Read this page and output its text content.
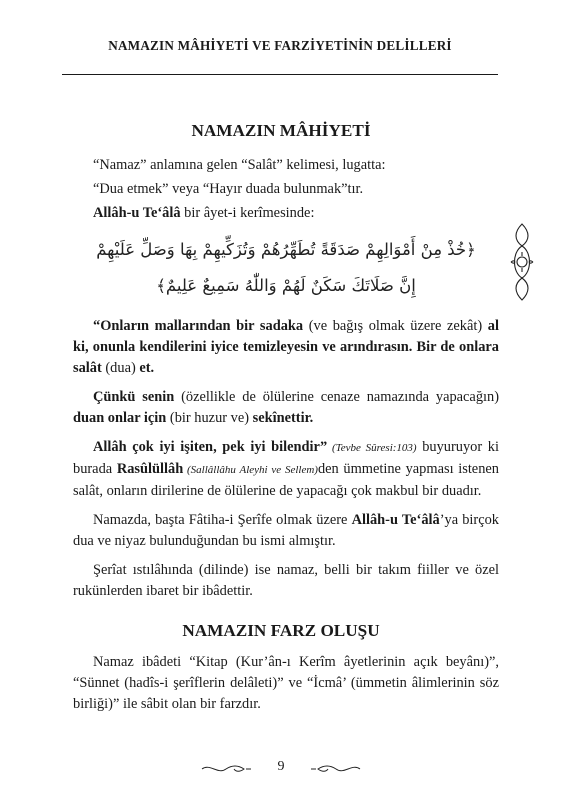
NAMAZIN MÂHİYETİ VE FARZİYETİNİN DELİLLERİ
NAMAZIN MÂHİYETİ

“Namaz” anlamına gelen “Salât” kelimesi, lugatta:

“Dua etmek” veya “Hayır duada bulunmak”tır.

Allâh-u Te‘âlâ bir âyet-i kerîmesinde:

﴿خُذْ مِنْ أَمْوَالِهِمْ صَدَقَةً تُطَهِّرُهُمْ وَتُزَكِّيهِمْ بِهَا وَصَلِّ عَلَيْهِمْ
إِنَّ صَلَاتَكَ سَكَنٌ لَهُمْ وَاللّٰهُ سَمِيعٌ عَلِيمٌ﴾

“Onların mallarından bir sadaka (ve bağış olmak üzere zekât) al ki, onunla kendilerini iyice temizleyesin ve arındırasın. Bir de onlara salât (dua) et.

Çünkü senin (özellikle de ölülerine cenaze namazında yapacağın) duan onlar için (bir huzur ve) sekînettir.

Allâh çok iyi işiten, pek iyi bilendir” (Tevbe Sûresi:103) buyuruyor ki burada Rasûlüllâh (Sallâllâhu Aleyhi ve Sellem)den ümmetine yapması istenen salât, onların dirilerine de ölülerine de yapacağı çok makbul bir duadır.

Namazda, başta Fâtiha-i Şerîfe olmak üzere Allâh-u Te‘âlâ’ya birçok dua ve niyaz bulunduğundan bu ismi almıştır.

Şerîat ıstılâhında (dilinde) ise namaz, belli bir takım fiiller ve özel rukünlerden ibaret bir ibâdettir.

NAMAZIN FARZ OLUŞU

Namaz ibâdeti “Kitap (Kur’ân-ı Kerîm âyetlerinin açık beyânı)”, “Sünnet (hadîs-i şerîflerin delâleti)” ve “İcmâ’ (ümmetin âlimlerinin söz birliği)” ile sâbit olan bir farzdır.

9
